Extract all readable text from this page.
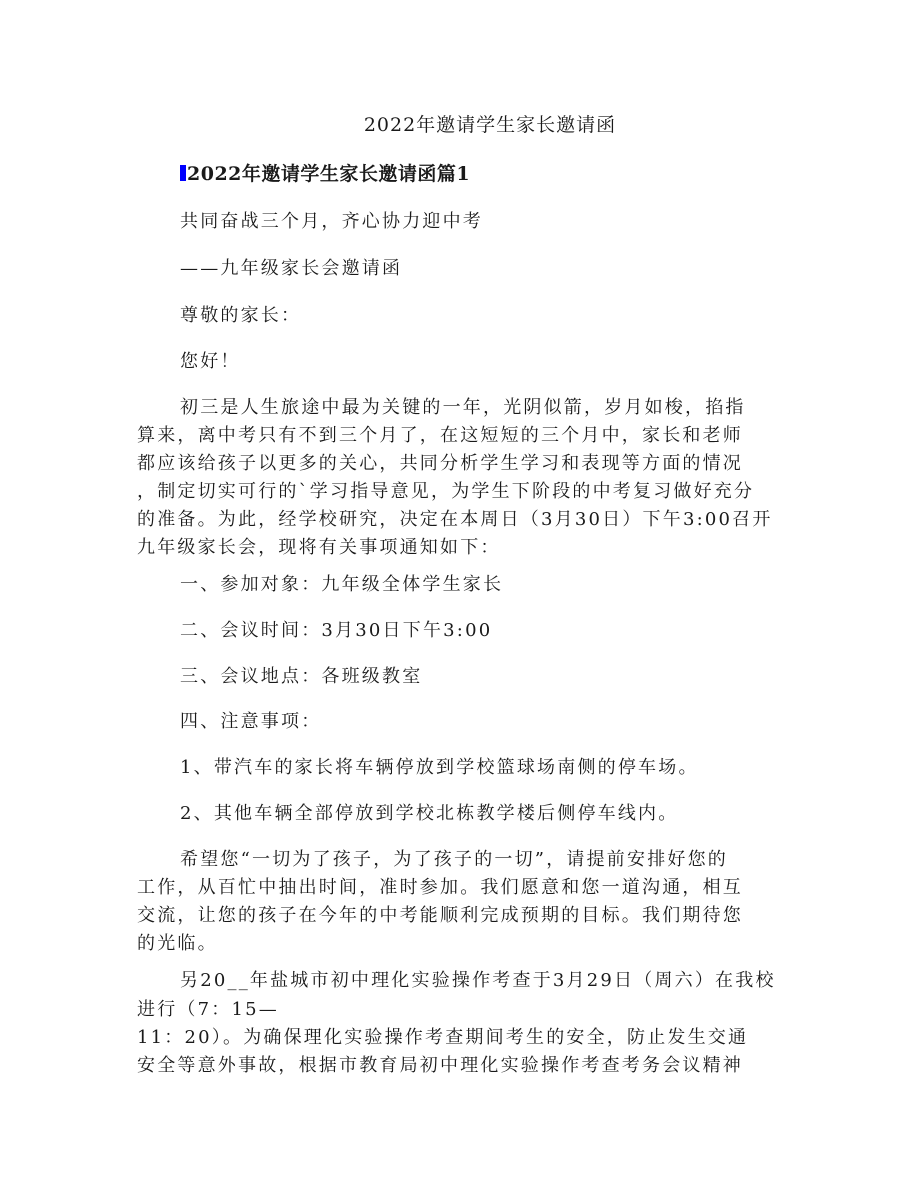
2022年邀请学生家长邀请函
2022年邀请学生家长邀请函篇1
共同奋战三个月，齐心协力迎中考
——九年级家长会邀请函
尊敬的家长：
您好！
初三是人生旅途中最为关键的一年，光阴似箭，岁月如梭，掐指
算来，离中考只有不到三个月了，在这短短的三个月中，家长和老师
都应该给孩子以更多的关心，共同分析学生学习和表现等方面的情况
，制定切实可行的`学习指导意见，为学生下阶段的中考复习做好充分
的准备。为此，经学校研究，决定在本周日（3月30日）下午3:00召开
九年级家长会，现将有关事项通知如下：
一、参加对象：九年级全体学生家长
二、会议时间：3月30日下午3:00
三、会议地点：各班级教室
四、注意事项：
1、带汽车的家长将车辆停放到学校篮球场南侧的停车场。
2、其他车辆全部停放到学校北栋教学楼后侧停车线内。
希望您“一切为了孩子，为了孩子的一切”，请提前安排好您的
工作，从百忙中抽出时间，准时参加。我们愿意和您一道沟通，相互
交流，让您的孩子在今年的中考能顺利完成预期的目标。我们期待您
的光临。
另20__年盐城市初中理化实验操作考查于3月29日（周六）在我校
进行（7：15—
11：20）。为确保理化实验操作考查期间考生的安全，防止发生交通
安全等意外事故，根据市教育局初中理化实验操作考查考务会议精神
